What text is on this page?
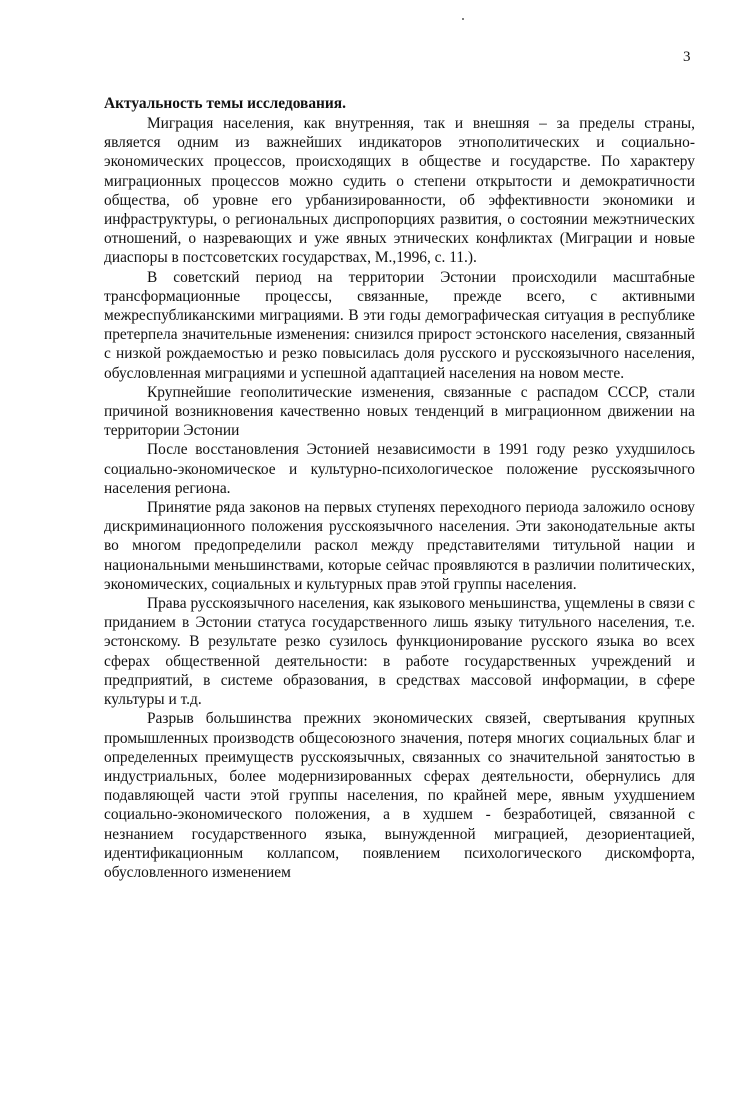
3

Актуальность темы исследования.

Миграция населения, как внутренняя, так и внешняя – за пределы страны, является одним из важнейших индикаторов этнополитических и социально-экономических процессов, происходящих в обществе и государстве. По характеру миграционных процессов можно судить о степени открытости и демократичности общества, об уровне его урбанизированности, об эффективности экономики и инфраструктуры, о региональных диспропорциях развития, о состоянии межэтнических отношений, о назревающих и уже явных этнических конфликтах (Миграции и новые диаспоры в постсоветских государствах, М.,1996, с. 11.).

В советский период на территории Эстонии происходили масштабные трансформационные процессы, связанные, прежде всего, с активными межреспубликанскими миграциями. В эти годы демографическая ситуация в республике претерпела значительные изменения: снизился прирост эстонского населения, связанный с низкой рождаемостью и резко повысилась доля русского и русскоязычного населения, обусловленная миграциями и успешной адаптацией населения на новом месте.

Крупнейшие геополитические изменения, связанные с распадом СССР, стали причиной возникновения качественно новых тенденций в миграционном движении на территории Эстонии

После восстановления Эстонией независимости в 1991 году резко ухудшилось социально-экономическое и культурно-психологическое положение русскоязычного населения региона.

Принятие ряда законов на первых ступенях переходного периода заложило основу дискриминационного положения русскоязычного населения. Эти законодательные акты во многом предопределили раскол между представителями титульной нации и национальными меньшинствами, которые сейчас проявляются в различии политических, экономических, социальных и культурных прав этой группы населения.

Права русскоязычного населения, как языкового меньшинства, ущемлены в связи с приданием в Эстонии статуса государственного лишь языку титульного населения, т.е. эстонскому. В результате резко сузилось функционирование русского языка во всех сферах общественной деятельности: в работе государственных учреждений и предприятий, в системе образования, в средствах массовой информации, в сфере культуры и т.д.

Разрыв большинства прежних экономических связей, свертывания крупных промышленных производств общесоюзного значения, потеря многих социальных благ и определенных преимуществ русскоязычных, связанных со значительной занятостью в индустриальных, более модернизированных сферах деятельности, обернулись для подавляющей части этой группы населения, по крайней мере, явным ухудшением социально-экономического положения, а в худшем - безработицей, связанной с незнанием государственного языка, вынужденной миграцией, дезориентацией, идентификационным коллапсом, появлением психологического дискомфорта, обусловленного изменением
